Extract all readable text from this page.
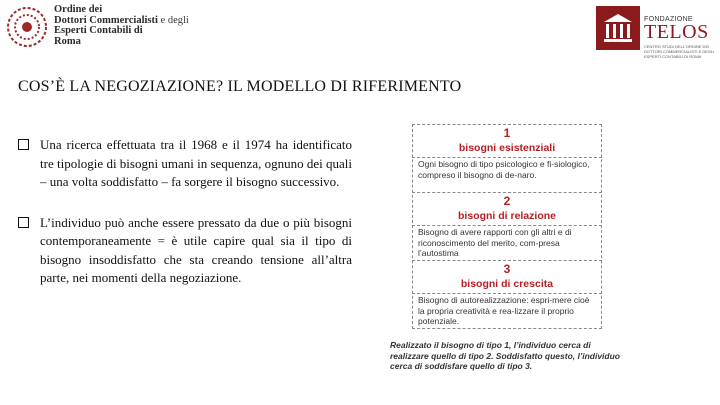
Ordine dei
Dottori Commercialisti e degli
Esperti Contabili di
Roma
FONDAZIONE
TELOS
CENTRO STUDI DELL'ORDINE DEI DOTTORI COMMERCIALISTI E DEGLI ESPERTI CONTABILI DI ROMA
COS’È LA NEGOZIAZIONE? IL MODELLO DI RIFERIMENTO
Una ricerca effettuata tra il 1968 e il 1974 ha identificato tre tipologie di bisogni umani in sequenza, ognuno dei quali – una volta soddisfatto – fa sorgere il bisogno successivo.
L’individuo può anche essere pressato da due o più bisogni contemporaneamente = è utile capire qual sia il tipo di bisogno insoddisfatto che sta creando tensione all’altra parte, nei momenti della negoziazione.
1
bisogni esistenziali
Ogni bisogno di tipo psicologico e fi-siologico, compreso il bisogno di de-naro.
2
bisogni di relazione
Bisogno di avere rapporti con gli altri e di riconoscimento del merito, com-presa l’autostima
3
bisogni di crescita
Bisogno di autorealizzazione: espri-mere cioè la propria creatività e rea-lizzare il proprio potenziale.
Realizzato il bisogno di tipo 1, l’individuo cerca di realizzare quello di tipo 2. Soddisfatto questo, l’individuo cerca di soddisfare quello di tipo 3.
